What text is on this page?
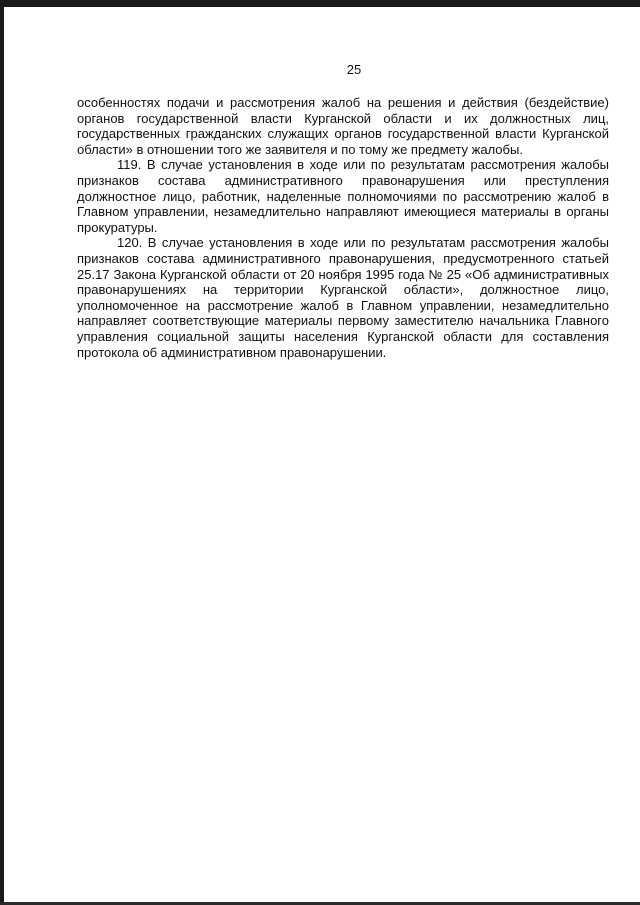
25

особенностях подачи и рассмотрения жалоб на решения и действия (бездействие) органов государственной власти Курганской области и их должностных лиц, государственных гражданских служащих органов государственной власти Курганской области» в отношении того же заявителя и по тому же предмету жалобы.

119. В случае установления в ходе или по результатам рассмотрения жалобы признаков состава административного правонарушения или преступления должностное лицо, работник, наделенные полномочиями по рассмотрению жалоб в Главном управлении, незамедлительно направляют имеющиеся материалы в органы прокуратуры.

120. В случае установления в ходе или по результатам рассмотрения жалобы признаков состава административного правонарушения, предусмотренного статьей 25.17 Закона Курганской области от 20 ноября 1995 года № 25 «Об административных правонарушениях на территории Курганской области», должностное лицо, уполномоченное на рассмотрение жалоб в Главном управлении, незамедлительно направляет соответствующие материалы первому заместителю начальника Главного управления социальной защиты населения Курганской области для составления протокола об административном правонарушении.
